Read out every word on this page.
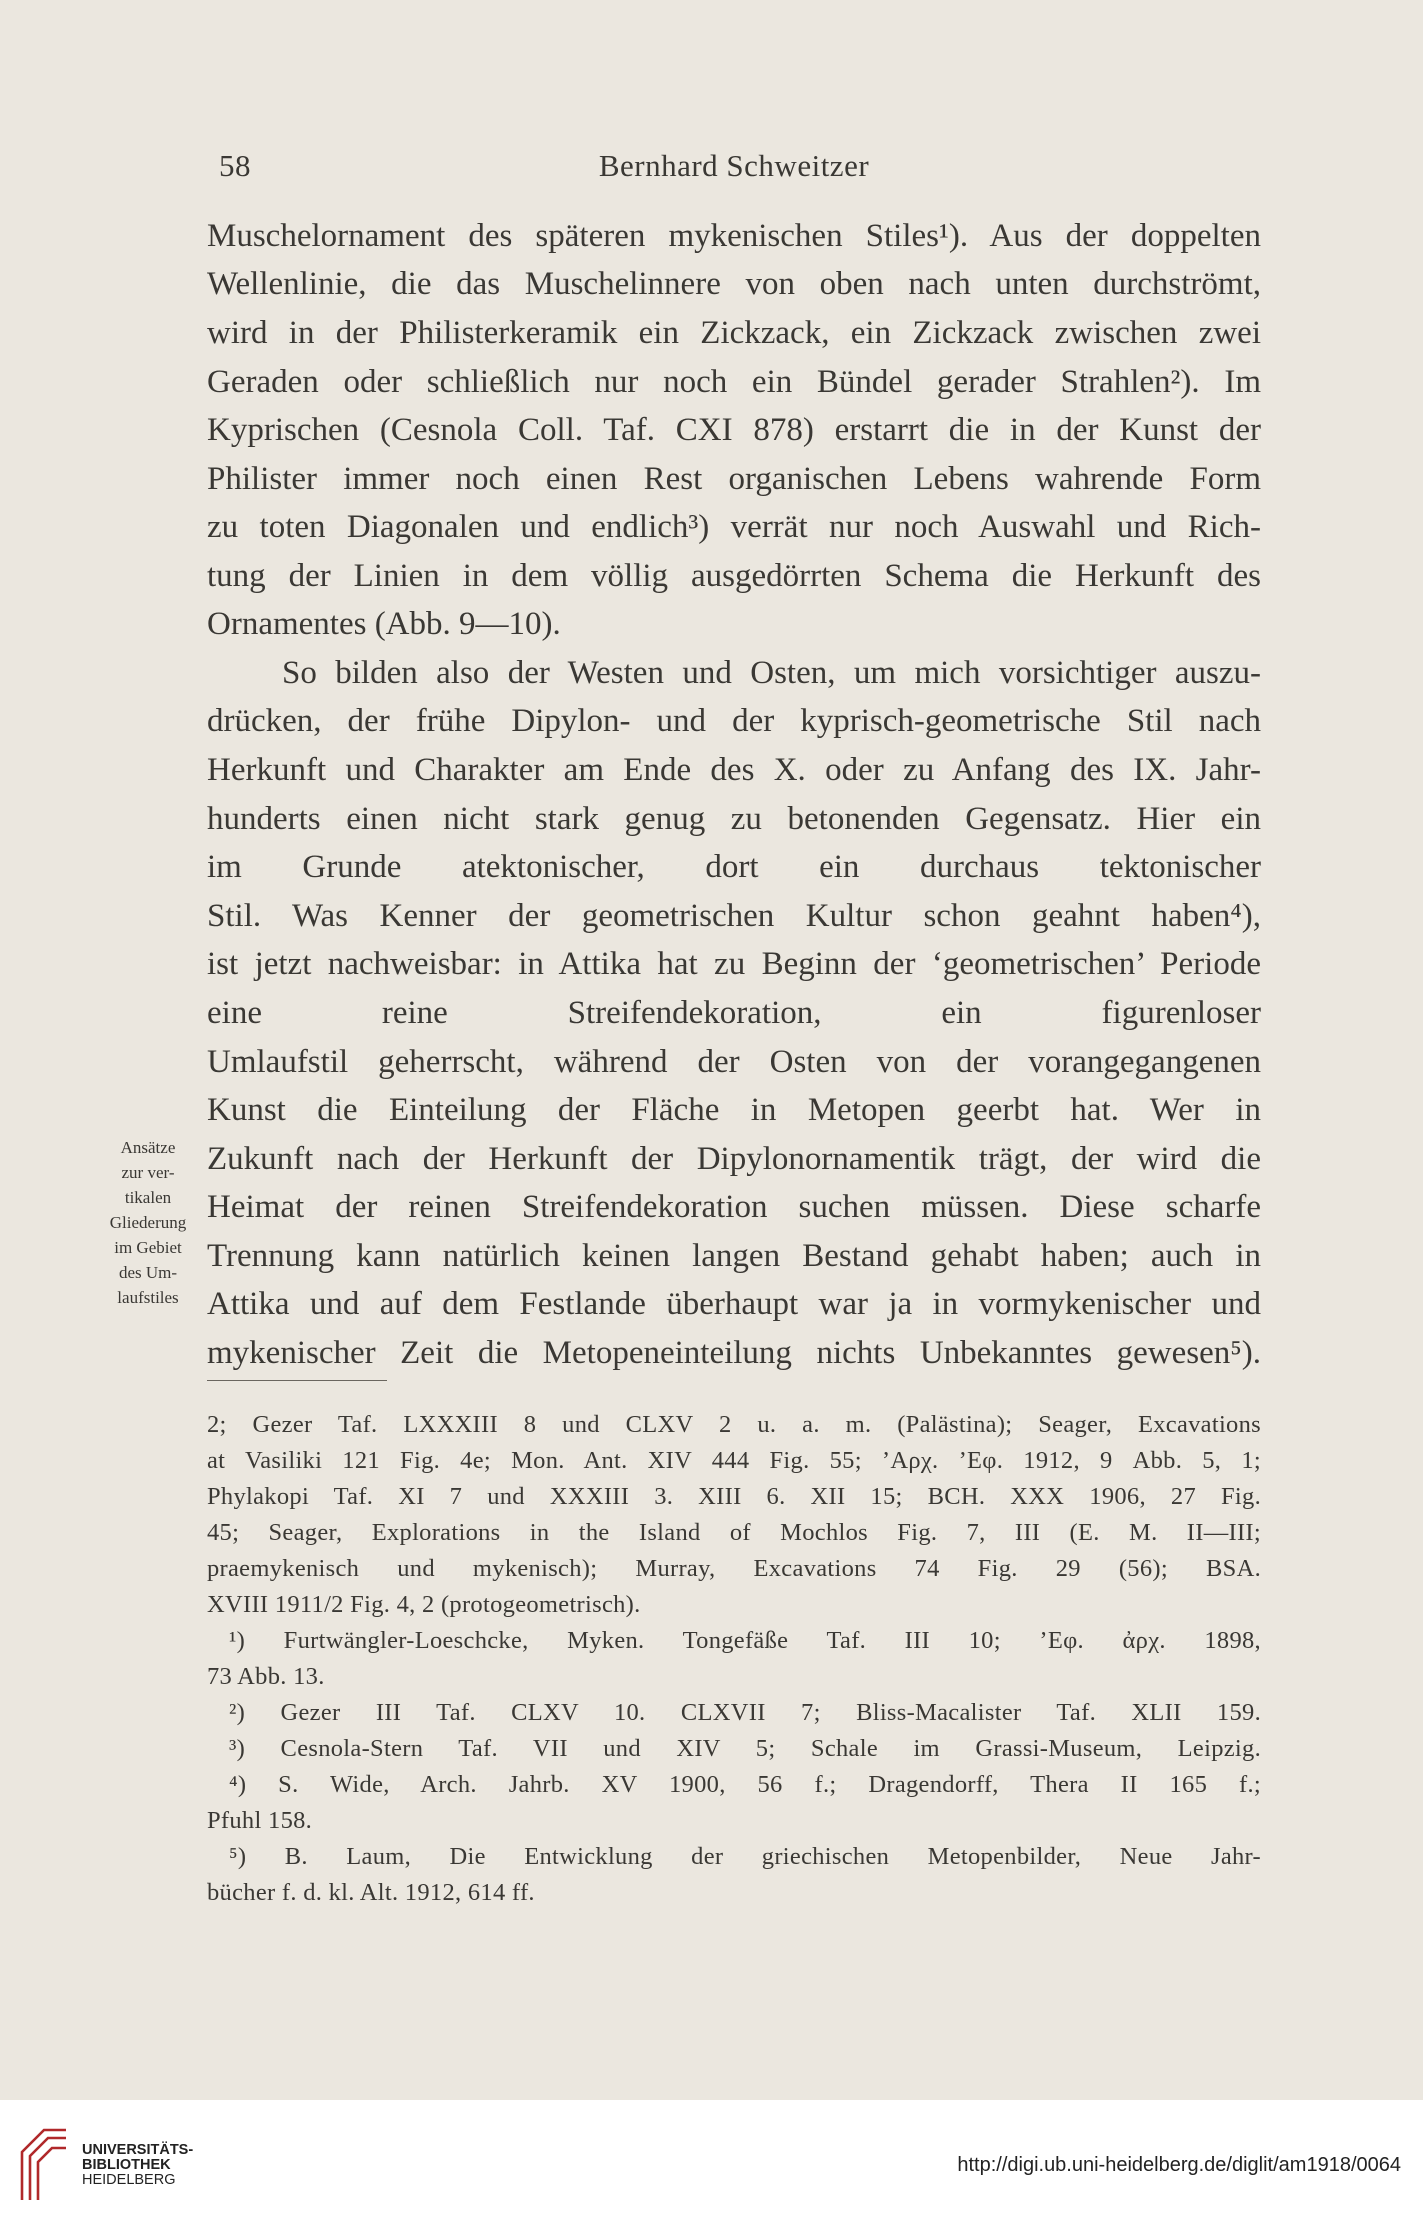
58	Bernhard Schweitzer
Muschelornament des späteren mykenischen Stiles¹). Aus der doppelten
Wellenlinie, die das Muschelinnere von oben nach unten durchströmt,
wird in der Philisterkeramik ein Zickzack, ein Zickzack zwischen zwei
Geraden oder schließlich nur noch ein Bündel gerader Strahlen²). Im
Kyprischen (Cesnola Coll. Taf. CXI 878) erstarrt die in der Kunst der
Philister immer noch einen Rest organischen Lebens wahrende Form
zu toten Diagonalen und endlich³) verrät nur noch Auswahl und Rich-
tung der Linien in dem völlig ausgedörrten Schema die Herkunft des
Ornamentes (Abb. 9—10).
So bilden also der Westen und Osten, um mich vorsichtiger auszu-
drücken, der frühe Dipylon- und der kyprisch-geometrische Stil nach
Herkunft und Charakter am Ende des X. oder zu Anfang des IX. Jahr-
hunderts einen nicht stark genug zu betonenden Gegensatz. Hier ein
im Grunde atektonischer, dort ein durchaus tektonischer
Stil. Was Kenner der geometrischen Kultur schon geahnt haben⁴),
ist jetzt nachweisbar: in Attika hat zu Beginn der ‘geometrischen’ Periode
eine reine Streifendekoration, ein figurenloser
Umlaufstil geherrscht, während der Osten von der vorangegangenen
Kunst die Einteilung der Fläche in Metopen geerbt hat. Wer in
Zukunft nach der Herkunft der Dipylonornamentik trägt, der wird die
Heimat der reinen Streifendekoration suchen müssen. Diese scharfe
Trennung kann natürlich keinen langen Bestand gehabt haben; auch in
Attika und auf dem Festlande überhaupt war ja in vormykenischer und
mykenischer Zeit die Metopeneinteilung nichts Unbekanntes gewesen⁵).
Ansätze
zur ver-
tikalen
Gliederung
im Gebiet
des Um-
laufstiles
2; Gezer Taf. LXXXIII 8 und CLXV 2 u. a. m. (Palästina); Seager, Excavations
at Vasiliki 121 Fig. 4e; Mon. Ant. XIV 444 Fig. 55; ’Αρχ. ’Εφ. 1912, 9 Abb. 5, 1;
Phylakopi Taf. XI 7 und XXXIII 3. XIII 6. XII 15; BCH. XXX 1906, 27 Fig.
45; Seager, Explorations in the Island of Mochlos Fig. 7, III (E. M. II—III;
praemykenisch und mykenisch); Murray, Excavations 74 Fig. 29 (56); BSA.
XVIII 1911/2 Fig. 4, 2 (protogeometrisch).
¹) Furtwängler-Loeschcke, Myken. Tongefäße Taf. III 10; ’Εφ. ἀρχ. 1898,
73 Abb. 13.
²) Gezer III Taf. CLXV 10. CLXVII 7; Bliss-Macalister Taf. XLII 159.
³) Cesnola-Stern Taf. VII und XIV 5; Schale im Grassi-Museum, Leipzig.
⁴) S. Wide, Arch. Jahrb. XV 1900, 56 f.; Dragendorff, Thera II 165 f.;
Pfuhl 158.
⁵) B. Laum, Die Entwicklung der griechischen Metopenbilder, Neue Jahr-
bücher f. d. kl. Alt. 1912, 614 ff.
UNIVERSITÄTS-
BIBLIOTHEK
HEIDELBERG
http://digi.ub.uni-heidelberg.de/diglit/am1918/0064
